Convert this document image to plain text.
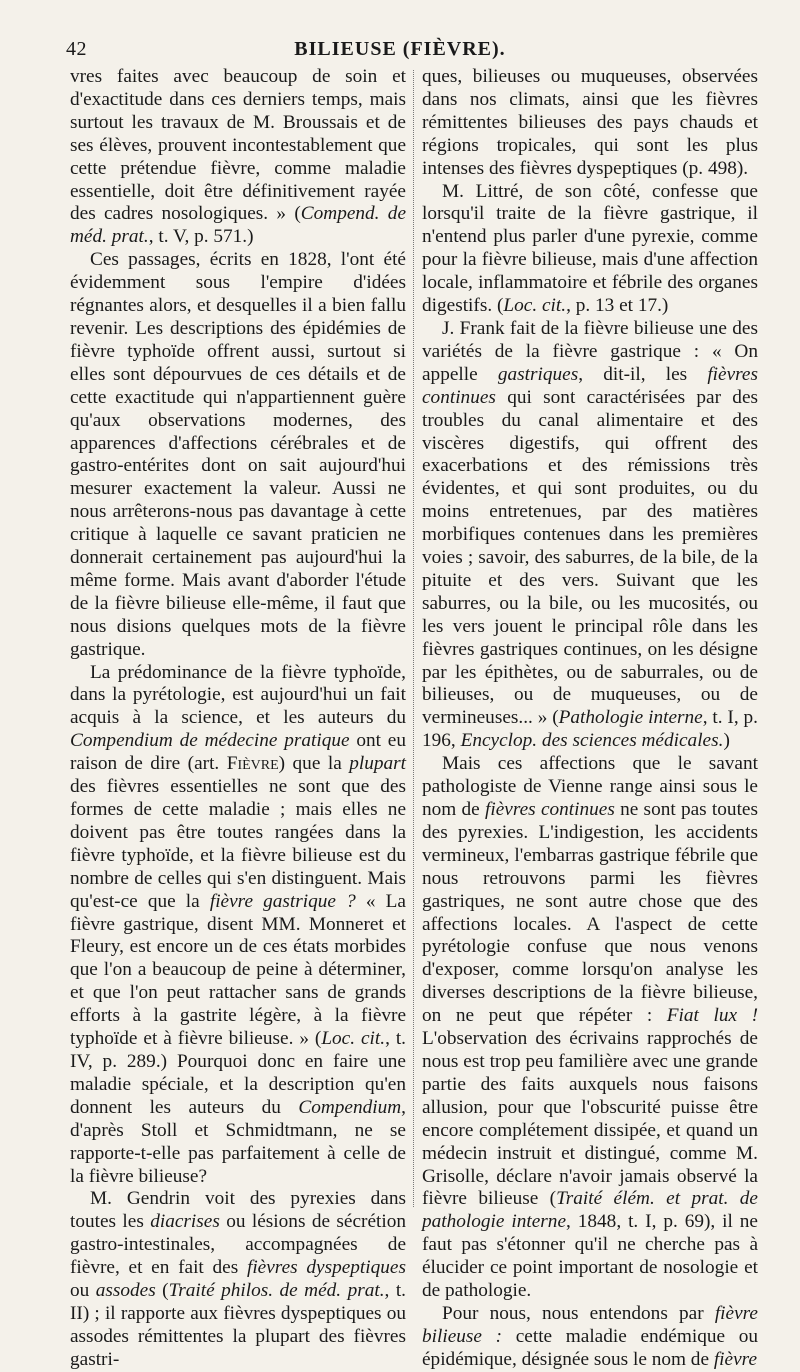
42	BILIEUSE (FIÈVRE).

vres faites avec beaucoup de soin et d'exactitude dans ces derniers temps, mais surtout les travaux de M. Broussais et de ses élèves, prouvent incontestablement que cette prétendue fièvre, comme maladie essentielle, doit être définitivement rayée des cadres nosologiques. » (Compend. de méd. prat., t. V, p. 571.)

Ces passages, écrits en 1828, l'ont été évidemment sous l'empire d'idées régnantes alors, et desquelles il a bien fallu revenir. Les descriptions des épidémies de fièvre typhoïde offrent aussi, surtout si elles sont dépourvues de ces détails et de cette exactitude qui n'appartiennent guère qu'aux observations modernes, des apparences d'affections cérébrales et de gastro-entérites dont on sait aujourd'hui mesurer exactement la valeur. Aussi ne nous arrêterons-nous pas davantage à cette critique à laquelle ce savant praticien ne donnerait certainement pas aujourd'hui la même forme. Mais avant d'aborder l'étude de la fièvre bilieuse elle-même, il faut que nous disions quelques mots de la fièvre gastrique.

La prédominance de la fièvre typhoïde, dans la pyrétologie, est aujourd'hui un fait acquis à la science, et les auteurs du Compendium de médecine pratique ont eu raison de dire (art. Fièvre) que la plupart des fièvres essentielles ne sont que des formes de cette maladie ; mais elles ne doivent pas être toutes rangées dans la fièvre typhoïde, et la fièvre bilieuse est du nombre de celles qui s'en distinguent. Mais qu'est-ce que la fièvre gastrique ? « La fièvre gastrique, disent MM. Monneret et Fleury, est encore un de ces états morbides que l'on a beaucoup de peine à déterminer, et que l'on peut rattacher sans de grands efforts à la gastrite légère, à la fièvre typhoïde et à fièvre bilieuse. » (Loc. cit., t. IV, p. 289.) Pourquoi donc en faire une maladie spéciale, et la description qu'en donnent les auteurs du Compendium, d'après Stoll et Schmidtmann, ne se rapporte-t-elle pas parfaitement à celle de la fièvre bilieuse?

M. Gendrin voit des pyrexies dans toutes les diacrises ou lésions de sécrétion gastro-intestinales, accompagnées de fièvre, et en fait des fièvres dyspeptiques ou assodes (Traité philos. de méd. prat., t. II) ; il rapporte aux fièvres dyspeptiques ou assodes rémittentes la plupart des fièvres gastri-

ques, bilieuses ou muqueuses, observées dans nos climats, ainsi que les fièvres rémittentes bilieuses des pays chauds et régions tropicales, qui sont les plus intenses des fièvres dyspeptiques (p. 498).

M. Littré, de son côté, confesse que lorsqu'il traite de la fièvre gastrique, il n'entend plus parler d'une pyrexie, comme pour la fièvre bilieuse, mais d'une affection locale, inflammatoire et fébrile des organes digestifs. (Loc. cit., p. 13 et 17.)

J. Frank fait de la fièvre bilieuse une des variétés de la fièvre gastrique : « On appelle gastriques, dit-il, les fièvres continues qui sont caractérisées par des troubles du canal alimentaire et des viscères digestifs, qui offrent des exacerbations et des rémissions très évidentes, et qui sont produites, ou du moins entretenues, par des matières morbifiques contenues dans les premières voies ; savoir, des saburres, de la bile, de la pituite et des vers. Suivant que les saburres, ou la bile, ou les mucosités, ou les vers jouent le principal rôle dans les fièvres gastriques continues, on les désigne par les épithètes, ou de saburrales, ou de bilieuses, ou de muqueuses, ou de vermineuses... » (Pathologie interne, t. I, p. 196, Encyclop. des sciences médicales.)

Mais ces affections que le savant pathologiste de Vienne range ainsi sous le nom de fièvres continues ne sont pas toutes des pyrexies. L'indigestion, les accidents vermineux, l'embarras gastrique fébrile que nous retrouvons parmi les fièvres gastriques, ne sont autre chose que des affections locales. A l'aspect de cette pyrétologie confuse que nous venons d'exposer, comme lorsqu'on analyse les diverses descriptions de la fièvre bilieuse, on ne peut que répéter : Fiat lux ! L'observation des écrivains rapprochés de nous est trop peu familière avec une grande partie des faits auxquels nous faisons allusion, pour que l'obscurité puisse être encore complétement dissipée, et quand un médecin instruit et distingué, comme M. Grisolle, déclare n'avoir jamais observé la fièvre bilieuse (Traité élém. et prat. de pathologie interne, 1848, t. I, p. 69), il ne faut pas s'étonner qu'il ne cherche pas à élucider ce point important de nosologie et de pathologie.

Pour nous, nous entendons par fièvre bilieuse : cette maladie endémique ou épidémique, désignée sous le nom de fièvre
